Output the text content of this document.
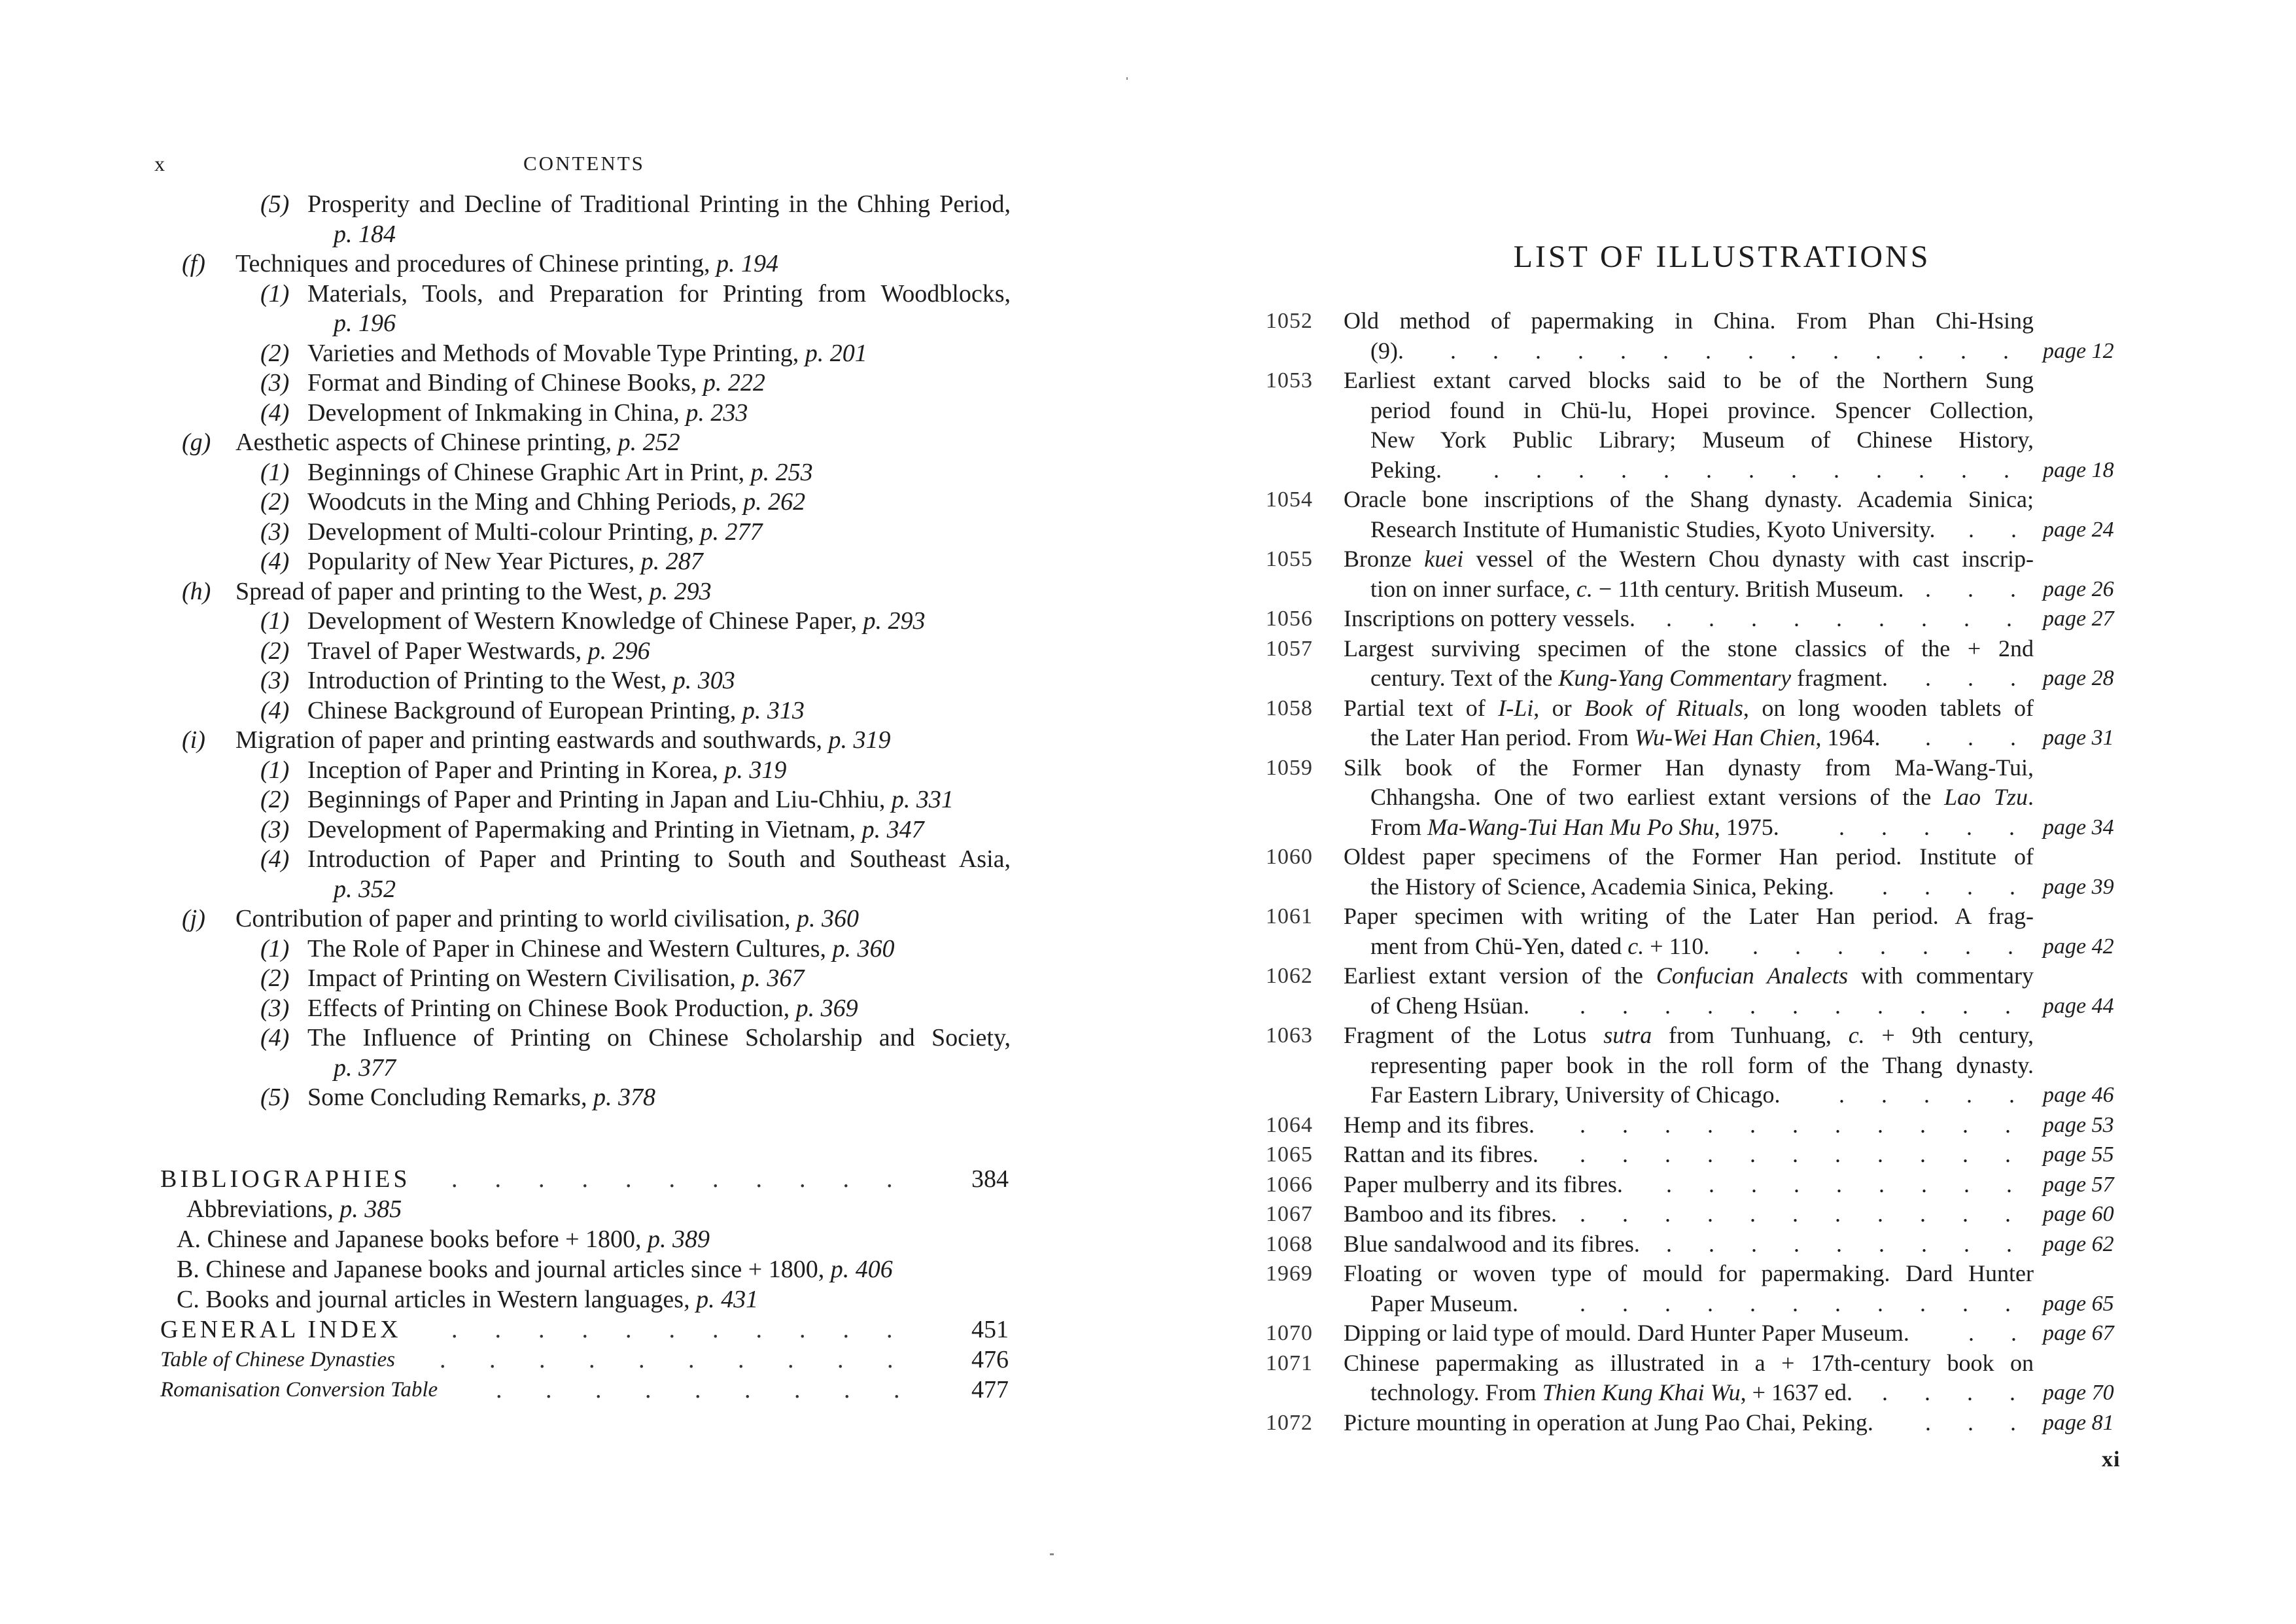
x	CONTENTS
(5) Prosperity and Decline of Traditional Printing in the Chhing Period,
p. 184
(f) Techniques and procedures of Chinese printing, p. 194
(1) Materials, Tools, and Preparation for Printing from Woodblocks,
p. 196
(2) Varieties and Methods of Movable Type Printing, p. 201
(3) Format and Binding of Chinese Books, p. 222
(4) Development of Inkmaking in China, p. 233
(g) Aesthetic aspects of Chinese printing, p. 252
(1) Beginnings of Chinese Graphic Art in Print, p. 253
(2) Woodcuts in the Ming and Chhing Periods, p. 262
(3) Development of Multi-colour Printing, p. 277
(4) Popularity of New Year Pictures, p. 287
(h) Spread of paper and printing to the West, p. 293
(1) Development of Western Knowledge of Chinese Paper, p. 293
(2) Travel of Paper Westwards, p. 296
(3) Introduction of Printing to the West, p. 303
(4) Chinese Background of European Printing, p. 313
(i) Migration of paper and printing eastwards and southwards, p. 319
(1) Inception of Paper and Printing in Korea, p. 319
(2) Beginnings of Paper and Printing in Japan and Liu-Chhiu, p. 331
(3) Development of Papermaking and Printing in Vietnam, p. 347
(4) Introduction of Paper and Printing to South and Southeast Asia,
p. 352
(j) Contribution of paper and printing to world civilisation, p. 360
(1) The Role of Paper in Chinese and Western Cultures, p. 360
(2) Impact of Printing on Western Civilisation, p. 367
(3) Effects of Printing on Chinese Book Production, p. 369
(4) The Influence of Printing on Chinese Scholarship and Society,
p. 377
(5) Some Concluding Remarks, p. 378
BIBLIOGRAPHIES .      .      .      .      .      .      .      .      .      .      .	384
Abbreviations, p. 385
A. Chinese and Japanese books before + 1800, p. 389
B. Chinese and Japanese books and journal articles since + 1800, p. 406
C. Books and journal articles in Western languages, p. 431
GENERAL INDEX .      .      .      .      .      .      .      .      .      .      .	451
Table of Chinese Dynasties .       .       .       .       .       .       .       .       .       .	476
Romanisation Conversion Table .       .       .       .       .       .       .       .       .	477
LIST OF ILLUSTRATIONS
1052 Old method of papermaking in China. From Phan Chi-Hsing
(9). ..............
page 12
1053 Earliest extant carved blocks said to be of the Northern Sung
period found in Chü-lu, Hopei province. Spencer Collection,
New York Public Library; Museum of Chinese History,
Peking. .............
page 18
1054 Oracle bone inscriptions of the Shang dynasty. Academia Sinica;
Research Institute of Humanistic Studies, Kyoto University. ..
page 24
1055 Bronze kuei vessel of the Western Chou dynasty with cast inscrip-
tion on inner surface, c. − 11th century. British Museum. ...
page 26
1056 Inscriptions on pottery vessels. .........
page 27
1057 Largest surviving specimen of the stone classics of the + 2nd
century. Text of the Kung-Yang Commentary fragment. ...
page 28
1058 Partial text of I-Li, or Book of Rituals, on long wooden tablets of
the Later Han period. From Wu-Wei Han Chien, 1964. ...
page 31
1059 Silk book of the Former Han dynasty from Ma-Wang-Tui,
Chhangsha. One of two earliest extant versions of the Lao Tzu.
From Ma-Wang-Tui Han Mu Po Shu, 1975.	.....
page 34
1060 Oldest paper specimens of the Former Han period. Institute of
the History of Science, Academia Sinica, Peking. ....
page 39
1061 Paper specimen with writing of the Later Han period. A frag-
ment from Chü-Yen, dated c. + 110. .......
page 42
1062 Earliest extant version of the Confucian Analects with commentary
of Cheng Hsüan. ...........
page 44
1063 Fragment of the Lotus sutra from Tunhuang, c. + 9th century,
representing paper book in the roll form of the Thang dynasty.
Far Eastern Library, University of Chicago. .....
page 46
1064 Hemp and its fibres. ...........
page 53
1065 Rattan and its fibres. ...........
page 55
1066 Paper mulberry and its fibres. .........
page 57
1067 Bamboo and its fibres. ...........
page 60
1068 Blue sandalwood and its fibres. .........
page 62
1969 Floating or woven type of mould for papermaking. Dard Hunter
Paper Museum.	...........
page 65
1070 Dipping or laid type of mould. Dard Hunter Paper Museum.	..
page 67
1071 Chinese papermaking as illustrated in a + 17th-century book on
technology. From Thien Kung Khai Wu, + 1637 ed. ....
page 70
1072 Picture mounting in operation at Jung Pao Chai, Peking. ...
page 81
xi
